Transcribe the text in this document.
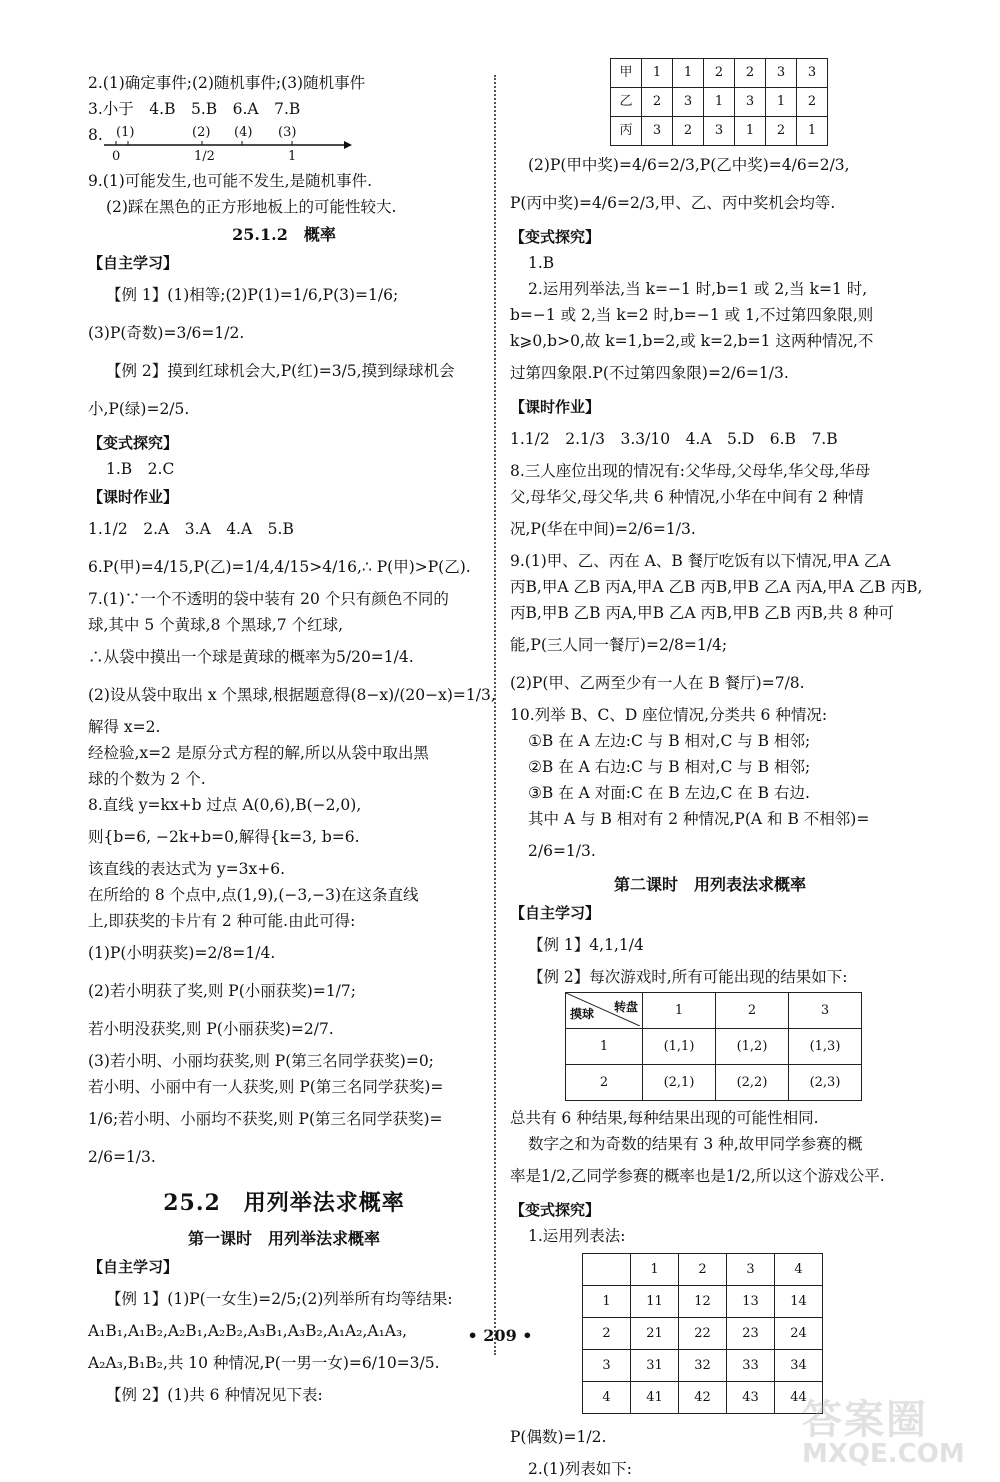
2.(1)确定事件;(2)随机事件;(3)随机事件
3.小于　4.B　5.B　6.A　7.B
8. (1)	(2) (4) (3)
0	1/2	1
9.(1)可能发生,也可能不发生,是随机事件.
(2)踩在黑色的正方形地板上的可能性较大.
25.1.2　概率
【自主学习】
【例 1】(1)相等;(2)P(1)=1/6,P(3)=1/6;
(3)P(奇数)=3/6=1/2.
【例 2】摸到红球机会大,P(红)=3/5,摸到绿球机会
小,P(绿)=2/5.
【变式探究】
1.B　2.C
【课时作业】
1.1/2　2.A　3.A　4.A　5.B
6.P(甲)=4/15,P(乙)=1/4,4/15>4/16,∴ P(甲)>P(乙).
7.(1)∵一个不透明的袋中装有 20 个只有颜色不同的
球,其中 5 个黄球,8 个黑球,7 个红球,
∴从袋中摸出一个球是黄球的概率为5/20=1/4.
(2)设从袋中取出 x 个黑球,根据题意得(8−x)/(20−x)=1/3,
解得 x=2.
经检验,x=2 是原分式方程的解,所以从袋中取出黑
球的个数为 2 个.
8.直线 y=kx+b 过点 A(0,6),B(−2,0),
则{b=6, −2k+b=0,解得{k=3, b=6.
该直线的表达式为 y=3x+6.
在所给的 8 个点中,点(1,9),(−3,−3)在这条直线
上,即获奖的卡片有 2 种可能.由此可得:
(1)P(小明获奖)=2/8=1/4.
(2)若小明获了奖,则 P(小丽获奖)=1/7;
若小明没获奖,则 P(小丽获奖)=2/7.
(3)若小明、小丽均获奖,则 P(第三名同学获奖)=0;
若小明、小丽中有一人获奖,则 P(第三名同学获奖)=
1/6;若小明、小丽均不获奖,则 P(第三名同学获奖)=
2/6=1/3.
25.2　用列举法求概率
第一课时　用列举法求概率
【自主学习】
【例 1】(1)P(一女生)=2/5;(2)列举所有均等结果:
A₁B₁,A₁B₂,A₂B₁,A₂B₂,A₃B₁,A₃B₂,A₁A₂,A₁A₃,
A₂A₃,B₁B₂,共 10 种情况,P(一男一女)=6/10=3/5.
【例 2】(1)共 6 种情况见下表:
甲	1	1	2	2	3	3
乙	2	3	1	3	1	2
丙	3	2	3	1	2	1
(2)P(甲中奖)=4/6=2/3,P(乙中奖)=4/6=2/3,
P(丙中奖)=4/6=2/3,甲、乙、丙中奖机会均等.
【变式探究】
1.B
2.运用列举法,当 k=−1 时,b=1 或 2,当 k=1 时,
b=−1 或 2,当 k=2 时,b=−1 或 1,不过第四象限,则
k⩾0,b>0,故 k=1,b=2,或 k=2,b=1 这两种情况,不
过第四象限.P(不过第四象限)=2/6=1/3.
【课时作业】
1.1/2　2.1/3　3.3/10　4.A　5.D　6.B　7.B
8.三人座位出现的情况有:父华母,父母华,华父母,华母
父,母华父,母父华,共 6 种情况,小华在中间有 2 种情
况,P(华在中间)=2/6=1/3.
9.(1)甲、乙、丙在 A、B 餐厅吃饭有以下情况,甲A 乙A
丙B,甲A 乙B 丙A,甲A 乙B 丙B,甲B 乙A 丙A,甲A 乙B 丙B,
丙B,甲B 乙B 丙A,甲B 乙A 丙B,甲B 乙B 丙B,共 8 种可
能,P(三人同一餐厅)=2/8=1/4;
(2)P(甲、乙两至少有一人在 B 餐厅)=7/8.
10.列举 B、C、D 座位情况,分类共 6 种情况:
①B 在 A 左边:C 与 B 相对,C 与 B 相邻;
②B 在 A 右边:C 与 B 相对,C 与 B 相邻;
③B 在 A 对面:C 在 B 左边,C 在 B 右边.
其中 A 与 B 相对有 2 种情况,P(A 和 B 不相邻)=
2/6=1/3.
第二课时　用列表法求概率
【自主学习】
【例 1】4,1,1/4
【例 2】每次游戏时,所有可能出现的结果如下:
转盘
摸球	1	2	3
1	(1,1)	(1,2)	(1,3)
2	(2,1)	(2,2)	(2,3)
总共有 6 种结果,每种结果出现的可能性相同.
数字之和为奇数的结果有 3 种,故甲同学参赛的概
率是1/2,乙同学参赛的概率也是1/2,所以这个游戏公平.
【变式探究】
1.运用列表法:
	1	2	3	4
1	11	12	13	14
2	21	22	23	24
3	31	32	33	34
4	41	42	43	44
P(偶数)=1/2.
2.(1)列表如下:
• 209 •
答案圈
MXQE.COM
